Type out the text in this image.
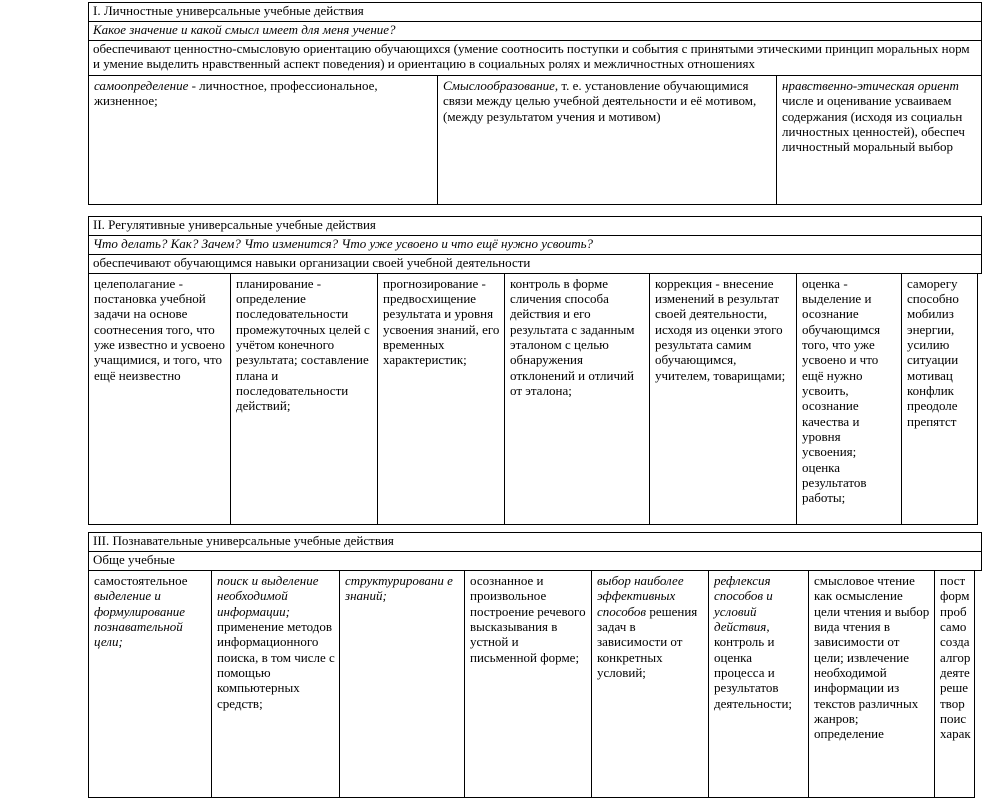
I. Личностные универсальные учебные действия
Какое значение и какой смысл имеет для меня учение?
обеспечивают ценностно-смысловую ориентацию обучающихся (умение соотносить поступки и события с принятыми этическими принцип моральных норм и умение выделить нравственный аспект поведения) и ориентацию в социальных ролях и межличностных отношениях
самоопределение - личностное, профессиональное, жизненное;
Смыслообразование, т. е. установление обучающимися связи между целью учебной деятельности и её мотивом, (между результатом учения и мотивом)
нравственно-этическая ориент числе и оценивание усваиваем содержания (исходя из социальн личностных ценностей), обеспеч личностный моральный выбор
II. Регулятивные универсальные учебные действия
Что делать? Как? Зачем? Что изменится? Что уже усвоено и что ещё нужно усвоить?
обеспечивают обучающимся навыки организации своей учебной деятельности
целеполагание - постановка учебной задачи на основе соотнесения того, что уже известно и усвоено учащимися, и того, что ещё неизвестно
планирование - определение последовательности промежуточных целей с учётом конечного результата; составление плана и последовательности действий;
прогнозирование - предвосхищение результата и уровня усвоения знаний, его временных характеристик;
контроль в форме сличения способа действия и его результата с заданным эталоном с целью обнаружения отклонений и отличий от эталона;
коррекция - внесение изменений в результат своей деятельности, исходя из оценки этого результата самим обучающимся, учителем, товарищами;
оценка - выделение и осознание обучающимся того, что уже усвоено и что ещё нужно усвоить, осознание качества и уровня усвоения; оценка результатов работы;
саморегу способно мобилиз энергии, усилию ситуации мотивац конфлик преодоле препятст
III. Познавательные универсальные учебные действия
Обще учебные
самостоятельное выделение и формулирование познавательной цели;
поиск и выделение необходимой информации; применение методов информационного поиска, в том числе с помощью компьютерных средств;
структурировани е знаний;
осознанное и произвольное построение речевого высказывания в устной и письменной форме;
выбор наиболее эффективных способов решения задач в зависимости от конкретных условий;
рефлексия способов и условий действия, контроль и оценка процесса и результатов деятельности;
смысловое чтение как осмысление цели чтения и выбор вида чтения в зависимости от цели; извлечение необходимой информации из текстов различных жанров; определение
пост форм проб само созда алгор деяте реше твор поис харак
